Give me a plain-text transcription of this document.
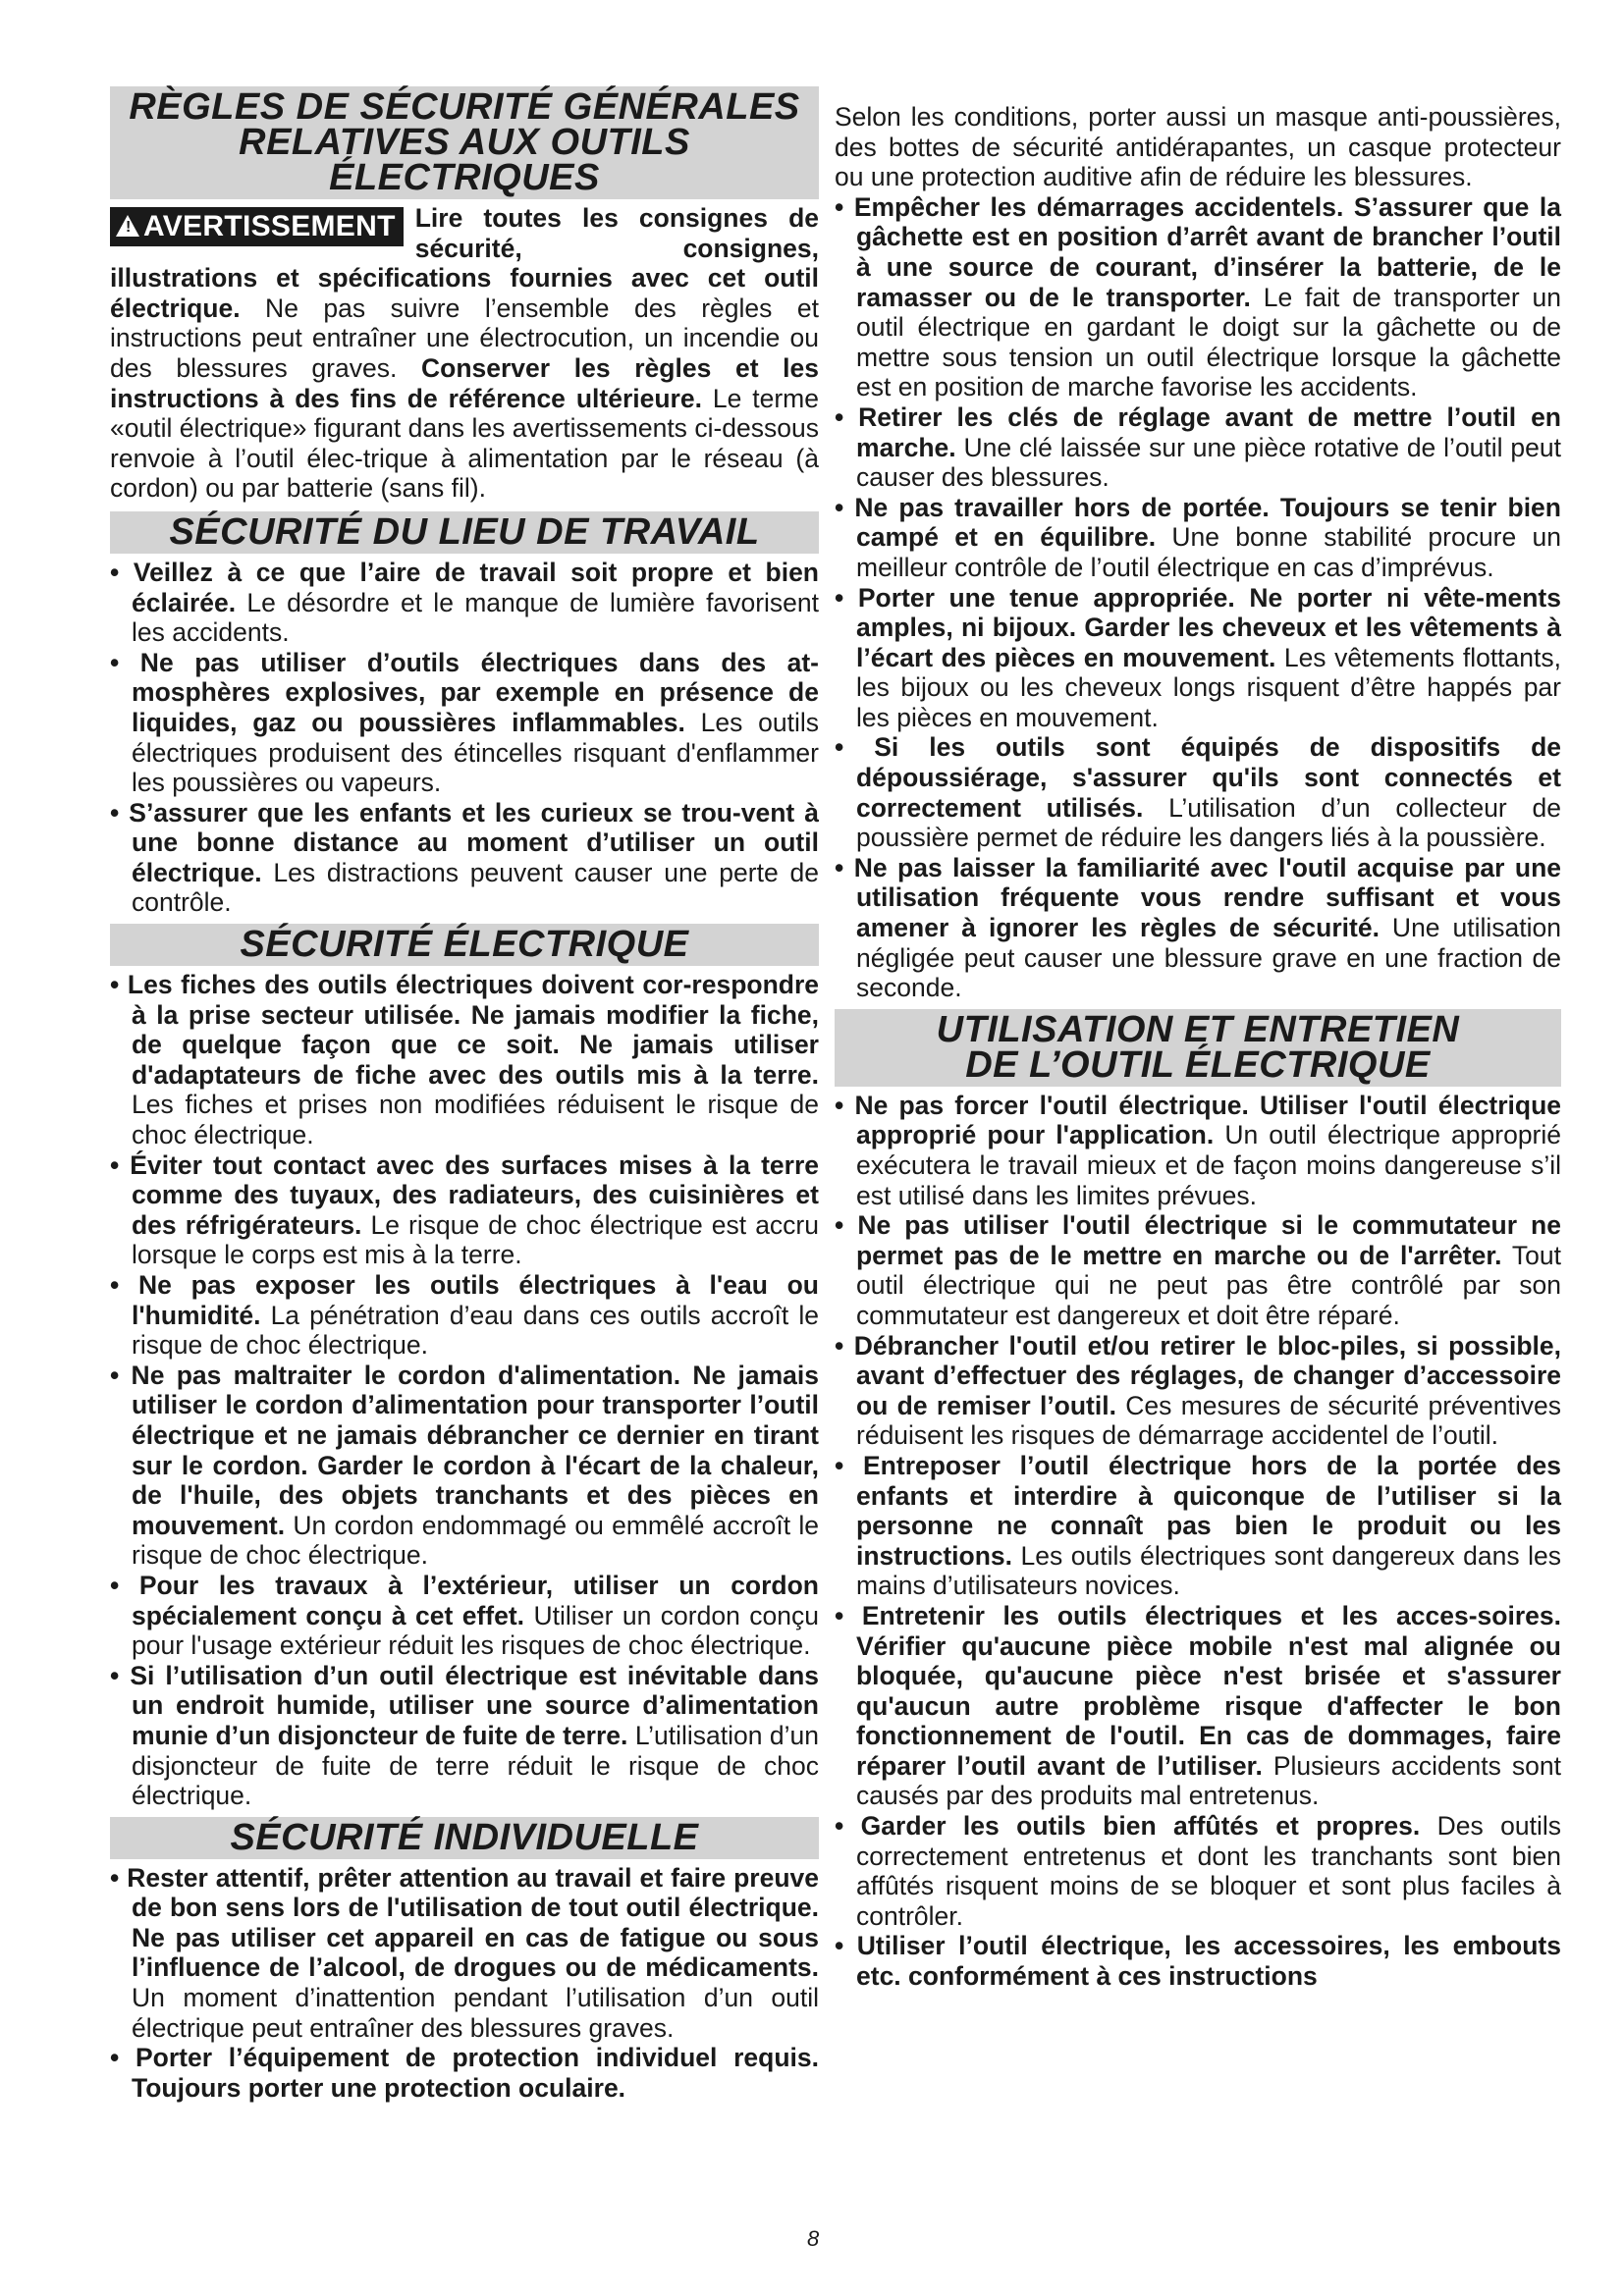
RÈGLES DE SÉCURITÉ GÉNÉRALES
RELATIVES AUX OUTILS ÉLECTRIQUES
! AVERTISSEMENT Lire toutes les consignes de sécurité, consignes, illustrations et spécifications fournies avec cet outil électrique. Ne pas suivre l’ensemble des règles et instructions peut entraîner une électrocution, un incendie ou des blessures graves. Conserver les règles et les instructions à des fins de référence ultérieure. Le terme «outil électrique» figurant dans les avertissements ci-dessous renvoie à l’outil élec-trique à alimentation par le réseau (à cordon) ou par batterie (sans fil).

SÉCURITÉ DU LIEU DE TRAVAIL

• Veillez à ce que l’aire de travail soit propre et bien éclairée. Le désordre et le manque de lumière favorisent les accidents.

• Ne pas utiliser d’outils électriques dans des at-mosphères explosives, par exemple en présence de liquides, gaz ou poussières inflammables. Les outils électriques produisent des étincelles risquant d'enflammer les poussières ou vapeurs.

• S’assurer que les enfants et les curieux se trou-vent à une bonne distance au moment d’utiliser un outil électrique. Les distractions peuvent causer une perte de contrôle.

SÉCURITÉ ÉLECTRIQUE

• Les fiches des outils électriques doivent cor-respondre à la prise secteur utilisée. Ne jamais modifier la fiche, de quelque façon que ce soit. Ne jamais utiliser d'adaptateurs de fiche avec des outils mis à la terre. Les fiches et prises non modifiées réduisent le risque de choc électrique.

• Éviter tout contact avec des surfaces mises à la terre comme des tuyaux, des radiateurs, des cuisinières et des réfrigérateurs. Le risque de choc électrique est accru lorsque le corps est mis à la terre.

• Ne pas exposer les outils électriques à l'eau ou l'humidité. La pénétration d’eau dans ces outils accroît le risque de choc électrique.

• Ne pas maltraiter le cordon d'alimentation. Ne jamais utiliser le cordon d’alimentation pour transporter l’outil électrique et ne jamais débrancher ce dernier en tirant sur le cordon. Garder le cordon à l'écart de la chaleur, de l'huile, des objets tranchants et des pièces en mouvement. Un cordon endommagé ou emmêlé accroît le risque de choc électrique.

• Pour les travaux à l’extérieur, utiliser un cordon spécialement conçu à cet effet. Utiliser un cordon conçu pour l'usage extérieur réduit les risques de choc électrique.

• Si l’utilisation d’un outil électrique est inévitable dans un endroit humide, utiliser une source d’alimentation munie d’un disjoncteur de fuite de terre. L’utilisation d’un disjoncteur de fuite de terre réduit le risque de choc électrique.

SÉCURITÉ INDIVIDUELLE

• Rester attentif, prêter attention au travail et faire preuve de bon sens lors de l'utilisation de tout outil électrique. Ne pas utiliser cet appareil en cas de fatigue ou sous l’influence de l’alcool, de drogues ou de médicaments. Un moment d’inattention pendant l’utilisation d’un outil électrique peut entraîner des blessures graves.

• Porter l’équipement de protection individuel requis. Toujours porter une protection oculaire.

Selon les conditions, porter aussi un masque anti-poussières, des bottes de sécurité antidérapantes, un casque protecteur ou une protection auditive afin de réduire les blessures.

• Empêcher les démarrages accidentels. S’assurer que la gâchette est en position d’arrêt avant de brancher l’outil à une source de courant, d’insérer la batterie, de le ramasser ou de le transporter. Le fait de transporter un outil électrique en gardant le doigt sur la gâchette ou de mettre sous tension un outil électrique lorsque la gâchette est en position de marche favorise les accidents.

• Retirer les clés de réglage avant de mettre l’outil en marche. Une clé laissée sur une pièce rotative de l’outil peut causer des blessures.

• Ne pas travailler hors de portée. Toujours se tenir bien campé et en équilibre. Une bonne stabilité procure un meilleur contrôle de l’outil électrique en cas d’imprévus.

• Porter une tenue appropriée. Ne porter ni vête-ments amples, ni bijoux. Garder les cheveux et les vêtements à l’écart des pièces en mouvement. Les vêtements flottants, les bijoux ou les cheveux longs risquent d’être happés par les pièces en mouvement.

• Si les outils sont équipés de dispositifs de dépoussiérage, s'assurer qu'ils sont connectés et correctement utilisés. L’utilisation d’un collecteur de poussière permet de réduire les dangers liés à la poussière.

• Ne pas laisser la familiarité avec l'outil acquise par une utilisation fréquente vous rendre suffisant et vous amener à ignorer les règles de sécurité. Une utilisation négligée peut causer une blessure grave en une fraction de seconde.

UTILISATION ET ENTRETIEN
DE L’OUTIL ÉLECTRIQUE

• Ne pas forcer l'outil électrique. Utiliser l'outil électrique approprié pour l'application. Un outil électrique approprié exécutera le travail mieux et de façon moins dangereuse s’il est utilisé dans les limites prévues.

• Ne pas utiliser l'outil électrique si le commutateur ne permet pas de le mettre en marche ou de l'arrêter. Tout outil électrique qui ne peut pas être contrôlé par son commutateur est dangereux et doit être réparé.

• Débrancher l'outil et/ou retirer le bloc-piles, si possible, avant d’effectuer des réglages, de changer d’accessoire ou de remiser l’outil. Ces mesures de sécurité préventives réduisent les risques de démarrage accidentel de l’outil.

• Entreposer l’outil électrique hors de la portée des enfants et interdire à quiconque de l’utiliser si la personne ne connaît pas bien le produit ou les instructions. Les outils électriques sont dangereux dans les mains d’utilisateurs novices.

• Entretenir les outils électriques et les acces-soires. Vérifier qu'aucune pièce mobile n'est mal alignée ou bloquée, qu'aucune pièce n'est brisée et s'assurer qu'aucun autre problème risque d'affecter le bon fonctionnement de l'outil. En cas de dommages, faire réparer l’outil avant de l’utiliser. Plusieurs accidents sont causés par des produits mal entretenus.

• Garder les outils bien affûtés et propres. Des outils correctement entretenus et dont les tranchants sont bien affûtés risquent moins de se bloquer et sont plus faciles à contrôler.

• Utiliser l’outil électrique, les accessoires, les embouts etc. conformément à ces instructions

8
